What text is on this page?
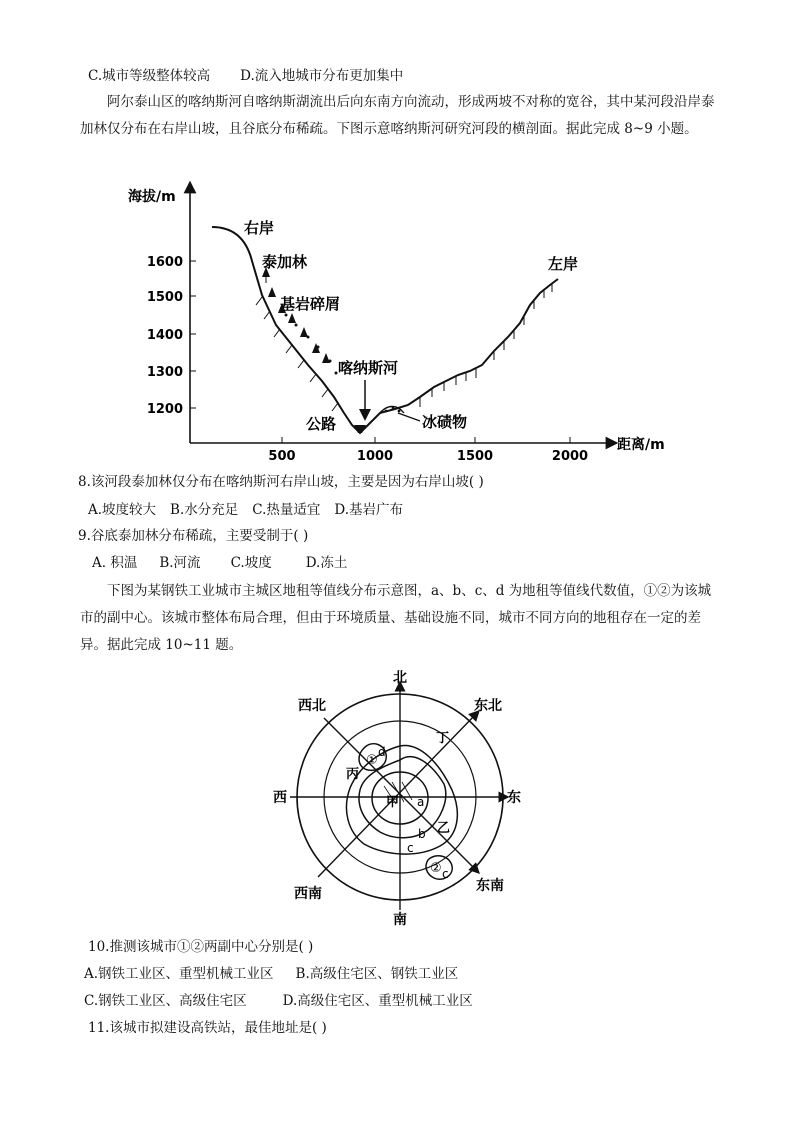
C.城市等级整体较高 D.流入地城市分布更加集中
阿尔泰山区的喀纳斯河自喀纳斯湖流出后向东南方向流动，形成两坡不对称的宽谷，其中某河段沿岸泰加林仅分布在右岸山坡，且谷底分布稀疏。下图示意喀纳斯河研究河段的横剖面。据此完成 8~9 小题。
海拔/m
距离/m
1600
1500
1400
1300
1200
500	1000	1500	2000
右岸
泰加林
基岩碎屑
喀纳斯河
公路	冰碛物
左岸
8.该河段泰加林仅分布在喀纳斯河右岸山坡，主要是因为右岸山坡( )
A.坡度较大 B.水分充足 C.热量适宜 D.基岩广布
9.谷底泰加林分布稀疏，主要受制于( )
A. 积温 B.河流 C.坡度	D.冻土
下图为某钢铁工业城市主城区地租等值线分布示意图，a、b、c、d 为地租等值线代数值，①②为该城市的副中心。该城市整体布局合理，但由于环境质量、基础设施不同，城市不同方向的地租存在一定的差异。据此完成 10~11 题。
北
东北
东
东南
南
西南
西
西北
甲
乙
丙
丁
a
b
c
d
c
①
②
10.推测该城市①②两副中心分别是( )
A.钢铁工业区、重型机械工业区 B.高级住宅区、钢铁工业区
C.钢铁工业区、高级住宅区	D.高级住宅区、重型机械工业区
11.该城市拟建设高铁站，最佳地址是( )
